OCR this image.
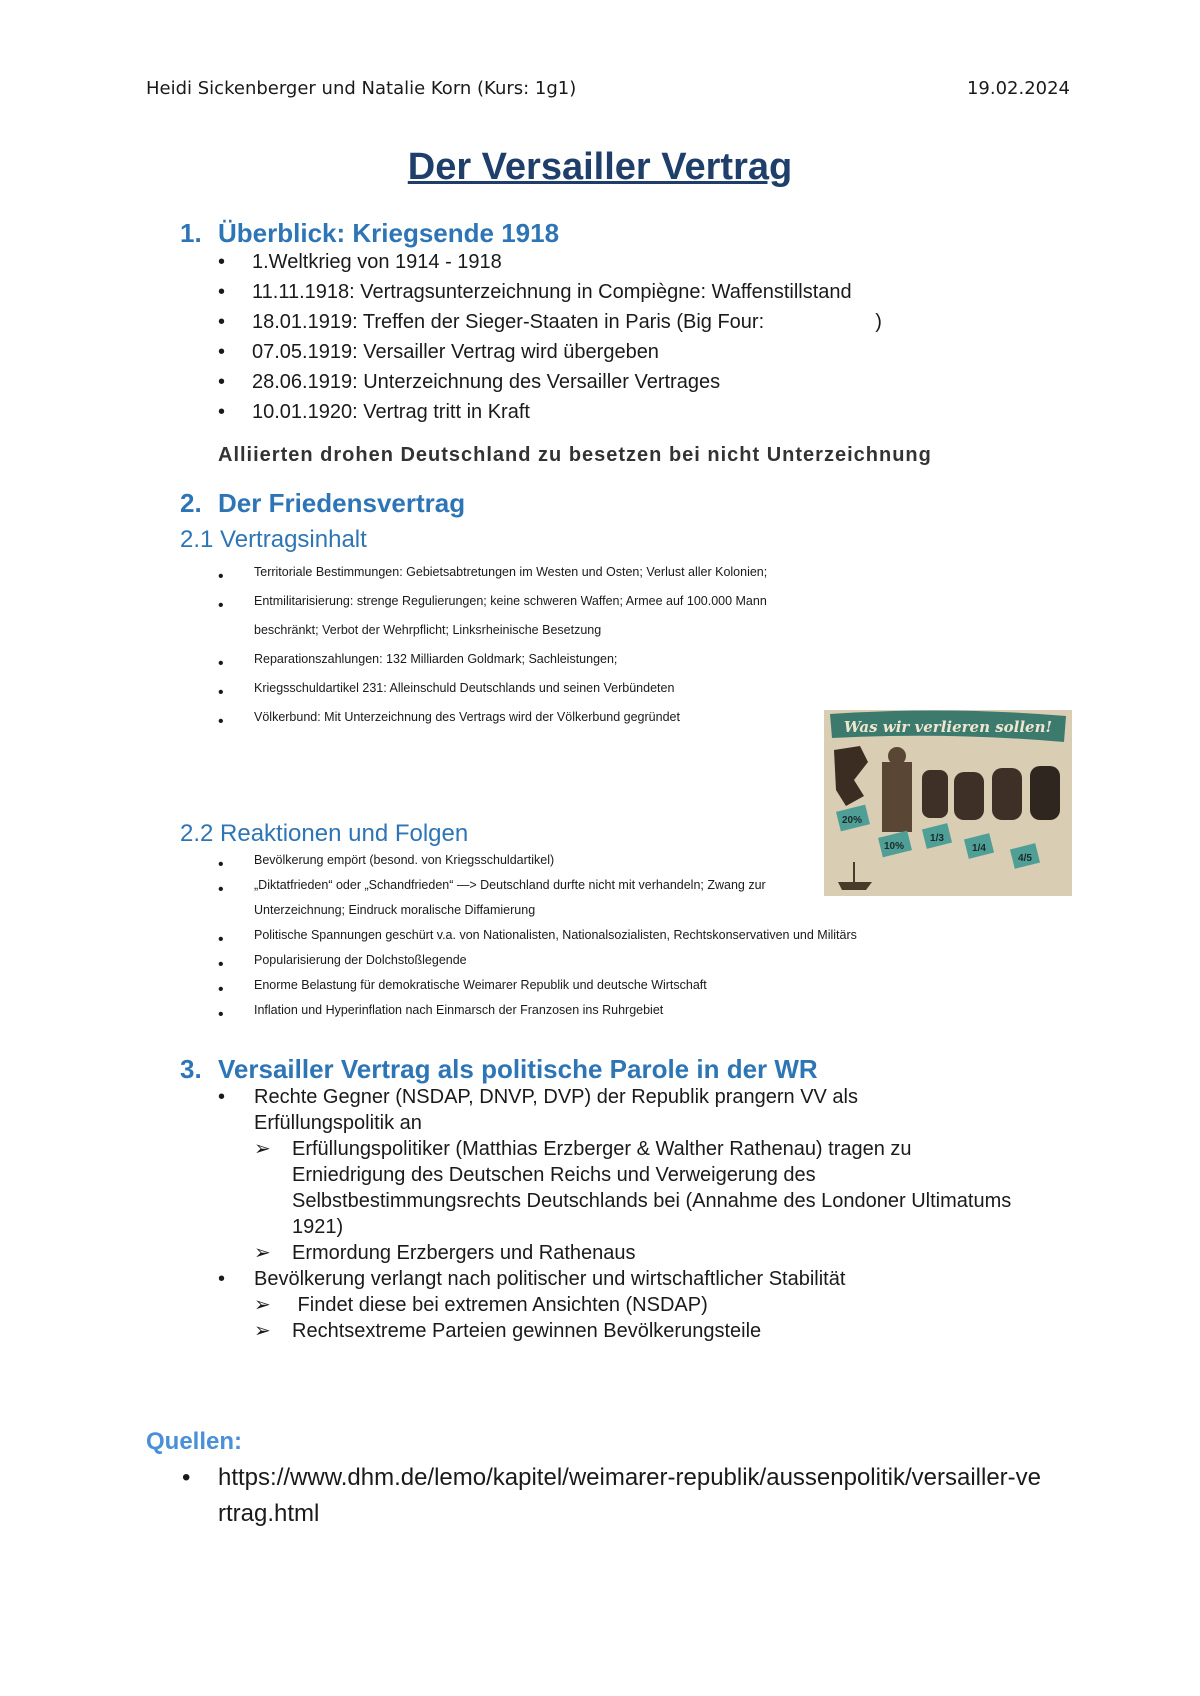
Heidi Sickenberger und Natalie Korn (Kurs: 1g1)	19.02.2024
Der Versailler Vertrag
1. Überblick: Kriegsende 1918
• 1.Weltkrieg von 1914 - 1918
• 11.11.1918: Vertragsunterzeichnung in Compiègne: Waffenstillstand
• 18.01.1919: Treffen der Sieger-Staaten in Paris (Big Four:                    )
• 07.05.1919: Versailler Vertrag wird übergeben
• 28.06.1919: Unterzeichnung des Versailler Vertrages
• 10.01.1920: Vertrag tritt in Kraft
Alliierten drohen Deutschland zu besetzen bei nicht Unterzeichnung
2. Der Friedensvertrag
2.1 Vertragsinhalt
• Territoriale Bestimmungen: Gebietsabtretungen im Westen und Osten; Verlust aller Kolonien;
• Entmilitarisierung: strenge Regulierungen; keine schweren Waffen; Armee auf 100.000 Mann beschränkt; Verbot der Wehrpflicht; Linksrheinische Besetzung
• Reparationszahlungen: 132 Milliarden Goldmark; Sachleistungen;
• Kriegsschuldartikel 231: Alleinschuld Deutschlands und seinen Verbündeten
• Völkerbund: Mit Unterzeichnung des Vertrags wird der Völkerbund gegründet
Was wir verlieren sollen!
20%
10%
1/3
1/4
4/5
2.2 Reaktionen und Folgen
• Bevölkerung empört (besond. von Kriegsschuldartikel)
• „Diktatfrieden“ oder „Schandfrieden“ —> Deutschland durfte nicht mit verhandeln; Zwang zur Unterzeichnung; Eindruck moralische Diffamierung
• Politische Spannungen geschürt v.a. von Nationalisten, Nationalsozialisten, Rechtskonservativen und Militärs
• Popularisierung der Dolchstoßlegende
• Enorme Belastung für demokratische Weimarer Republik und deutsche Wirtschaft
• Inflation und Hyperinflation nach Einmarsch der Franzosen ins Ruhrgebiet
3. Versailler Vertrag als politische Parole in der WR
• Rechte Gegner (NSDAP, DNVP, DVP) der Republik prangern VV als Erfüllungspolitik an
➢ Erfüllungspolitiker (Matthias Erzberger & Walther Rathenau) tragen zu Erniedrigung des Deutschen Reichs und Verweigerung des Selbstbestimmungsrechts Deutschlands bei (Annahme des Londoner Ultimatums 1921)
➢ Ermordung Erzbergers und Rathenaus
• Bevölkerung verlangt nach politischer und wirtschaftlicher Stabilität
➢ Findet diese bei extremen Ansichten (NSDAP)
➢ Rechtsextreme Parteien gewinnen Bevölkerungsteile
Quellen:
• https://www.dhm.de/lemo/kapitel/weimarer-republik/aussenpolitik/versailler-vertrag.html
